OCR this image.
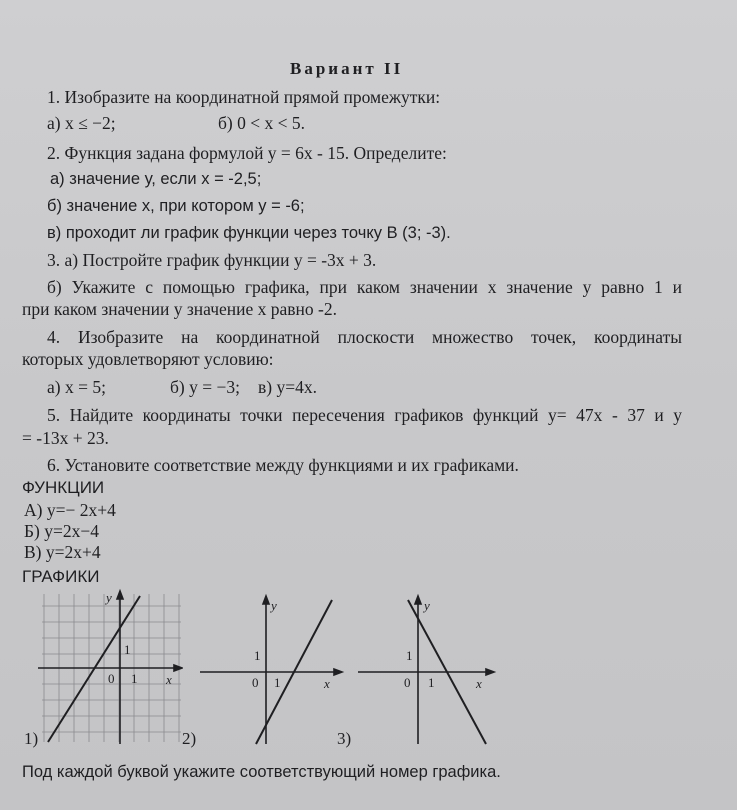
Вариант II
1. Изобразите на координатной прямой промежутки:
а) x ≤ −2;	б) 0 < x < 5.
2. Функция задана формулой y = 6x - 15. Определите:
а) значение у, если x = -2,5;
б) значение х, при котором у = -6;
в) проходит ли график функции через точку В (3; -3).
3. а) Постройте график функции y = -3x + 3.
б) Укажите с помощью графика, при каком значении х значение у равно 1 и
при каком значении у значение х равно -2.
4. Изобразите на координатной плоскости множество точек, координаты
которых удовлетворяют условию:
а) x = 5;	б) y = −3; в) y=4x.
5. Найдите координаты точки пересечения графиков функций y= 47x - 37 и у
= -13x + 23.
6. Установите соответствие между функциями и их графиками.
ФУНКЦИИ
А) y=− 2x+4
Б) y=2x−4
В) y=2x+4
ГРАФИКИ
y
x
0 1
1
y
x
0 1
1
y
x
0 1
1
1)	2)	3)
Под каждой буквой укажите соответствующий номер графика.
